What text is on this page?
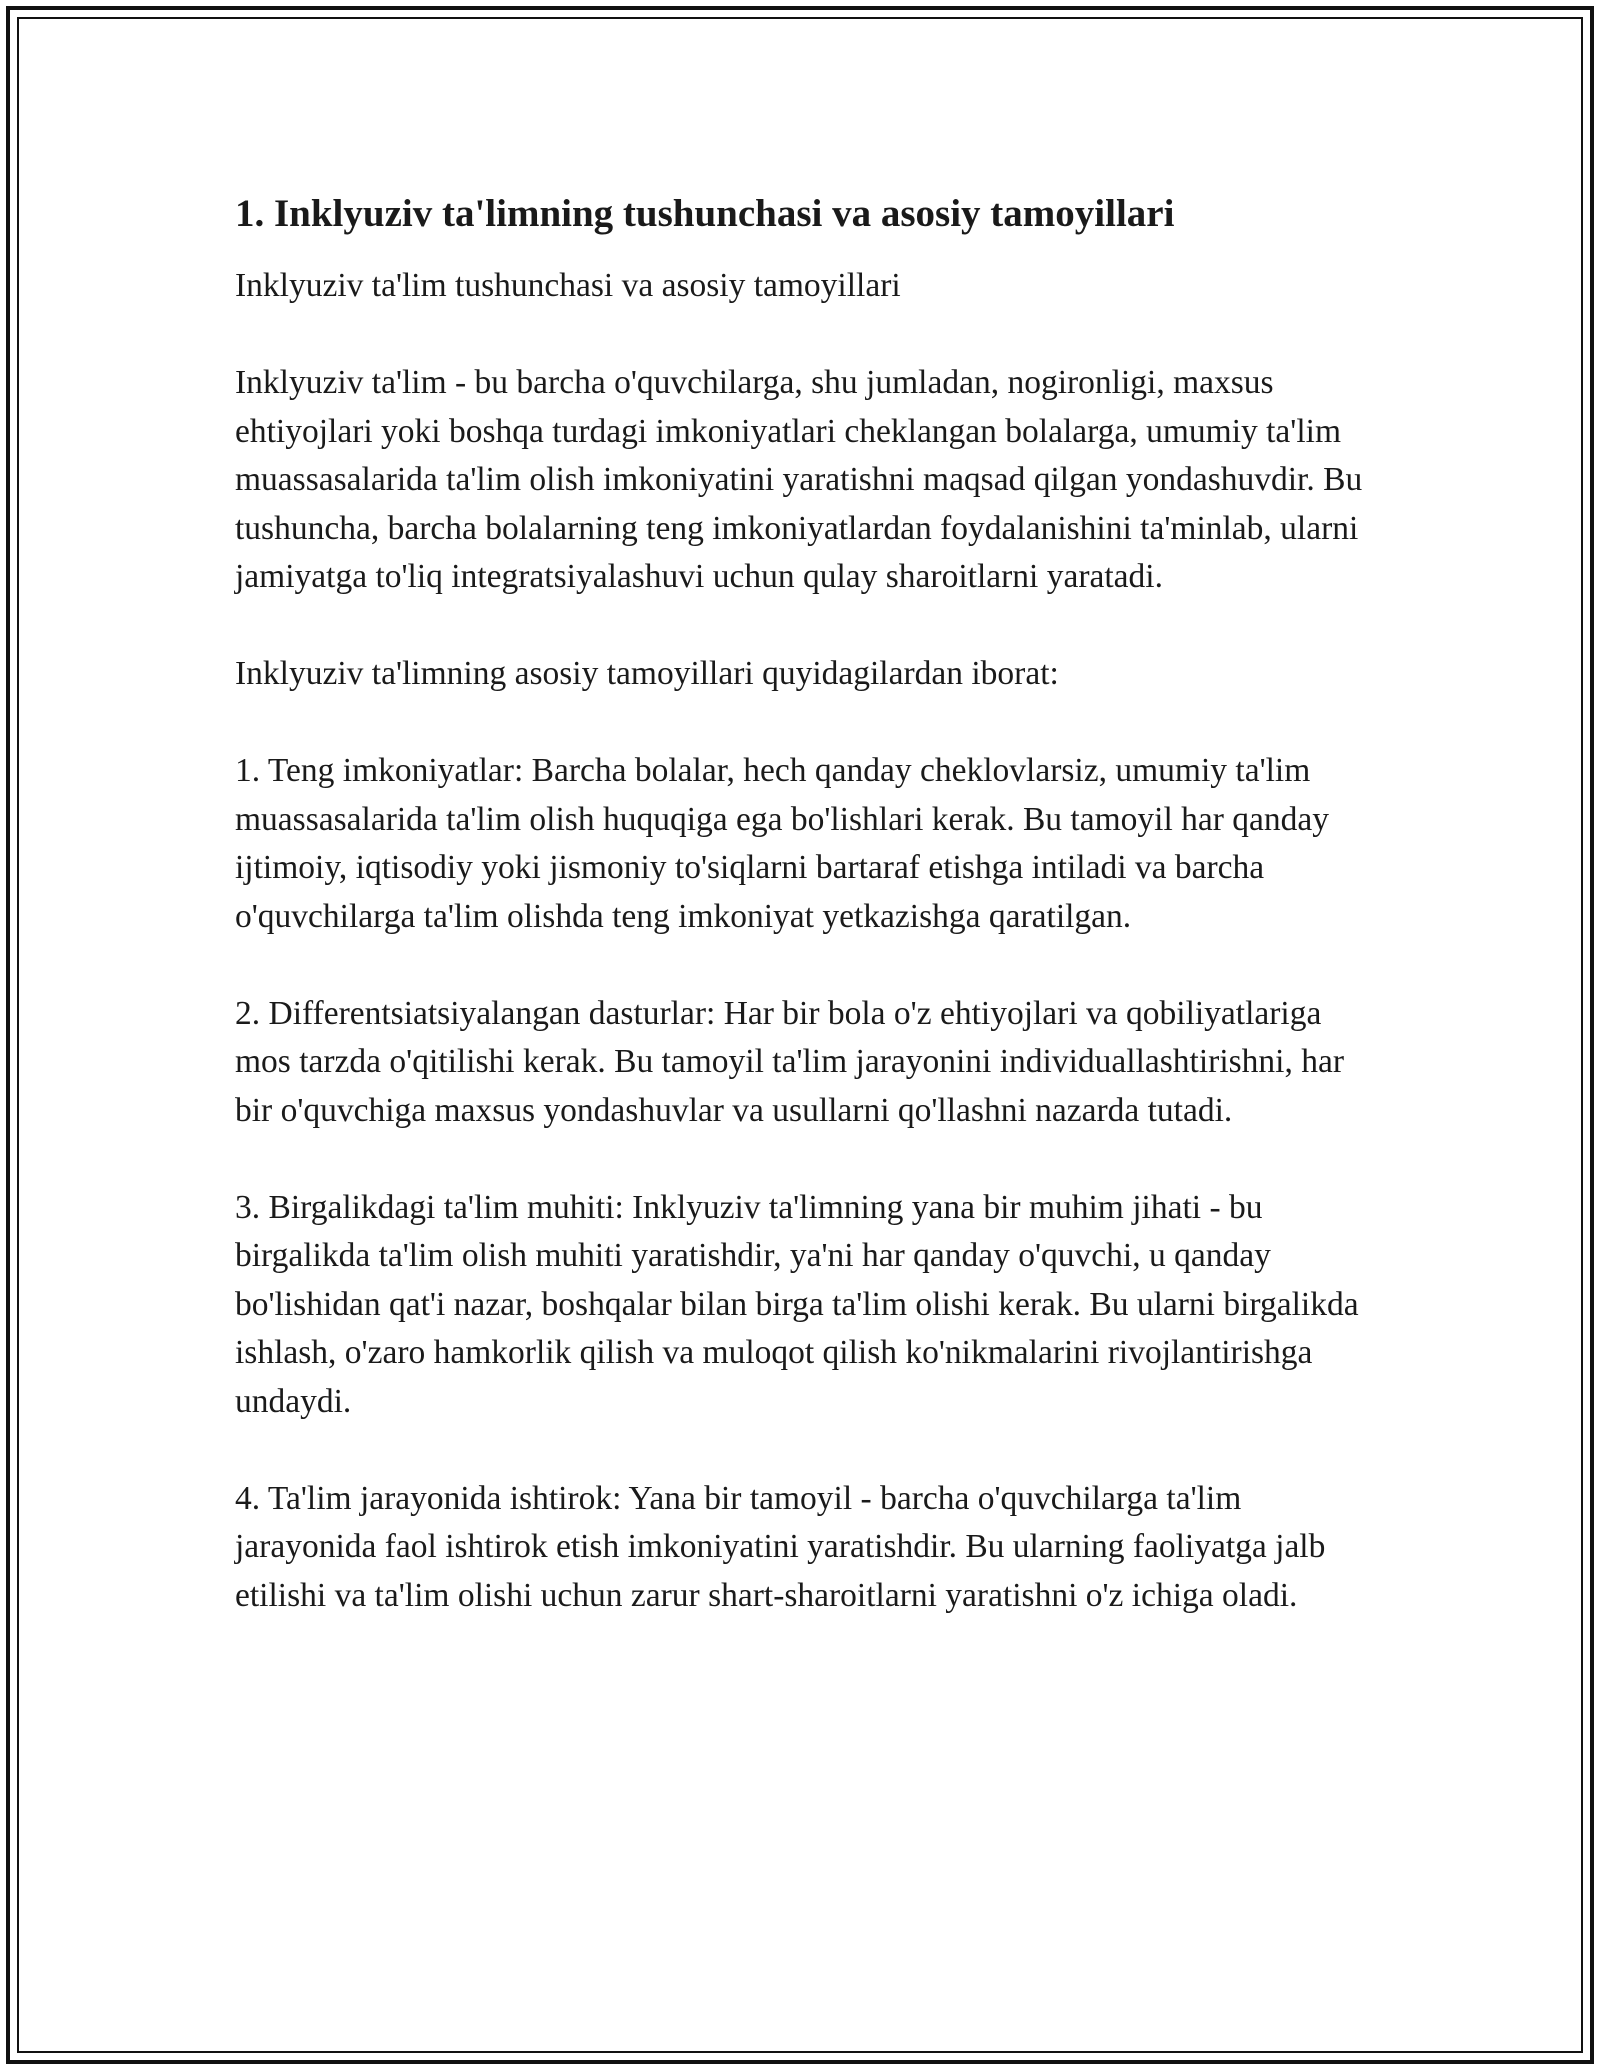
1. Inklyuziv ta'limning tushunchasi va asosiy tamoyillari

Inklyuziv ta'lim tushunchasi va asosiy tamoyillari

Inklyuziv ta'lim - bu barcha o'quvchilarga, shu jumladan, nogironligi, maxsus ehtiyojlari yoki boshqa turdagi imkoniyatlari cheklangan bolalarga, umumiy ta'lim muassasalarida ta'lim olish imkoniyatini yaratishni maqsad qilgan yondashuvdir. Bu tushuncha, barcha bolalarning teng imkoniyatlardan foydalanishini ta'minlab, ularni jamiyatga to'liq integratsiyalashuvi uchun qulay sharoitlarni yaratadi.

Inklyuziv ta'limning asosiy tamoyillari quyidagilardan iborat:

1. Teng imkoniyatlar: Barcha bolalar, hech qanday cheklovlarsiz, umumiy ta'lim muassasalarida ta'lim olish huquqiga ega bo'lishlari kerak. Bu tamoyil har qanday ijtimoiy, iqtisodiy yoki jismoniy to'siqlarni bartaraf etishga intiladi va barcha o'quvchilarga ta'lim olishda teng imkoniyat yetkazishga qaratilgan.

2. Differentsiatsiyalangan dasturlar: Har bir bola o'z ehtiyojlari va qobiliyatlariga mos tarzda o'qitilishi kerak. Bu tamoyil ta'lim jarayonini individuallashtirishni, har bir o'quvchiga maxsus yondashuvlar va usullarni qo'llashni nazarda tutadi.

3. Birgalikdagi ta'lim muhiti: Inklyuziv ta'limning yana bir muhim jihati - bu birgalikda ta'lim olish muhiti yaratishdir, ya'ni har qanday o'quvchi, u qanday bo'lishidan qat'i nazar, boshqalar bilan birga ta'lim olishi kerak. Bu ularni birgalikda ishlash, o'zaro hamkorlik qilish va muloqot qilish ko'nikmalarini rivojlantirishga undaydi.

4. Ta'lim jarayonida ishtirok: Yana bir tamoyil - barcha o'quvchilarga ta'lim jarayonida faol ishtirok etish imkoniyatini yaratishdir. Bu ularning faoliyatga jalb etilishi va ta'lim olishi uchun zarur shart-sharoitlarni yaratishni o'z ichiga oladi.
